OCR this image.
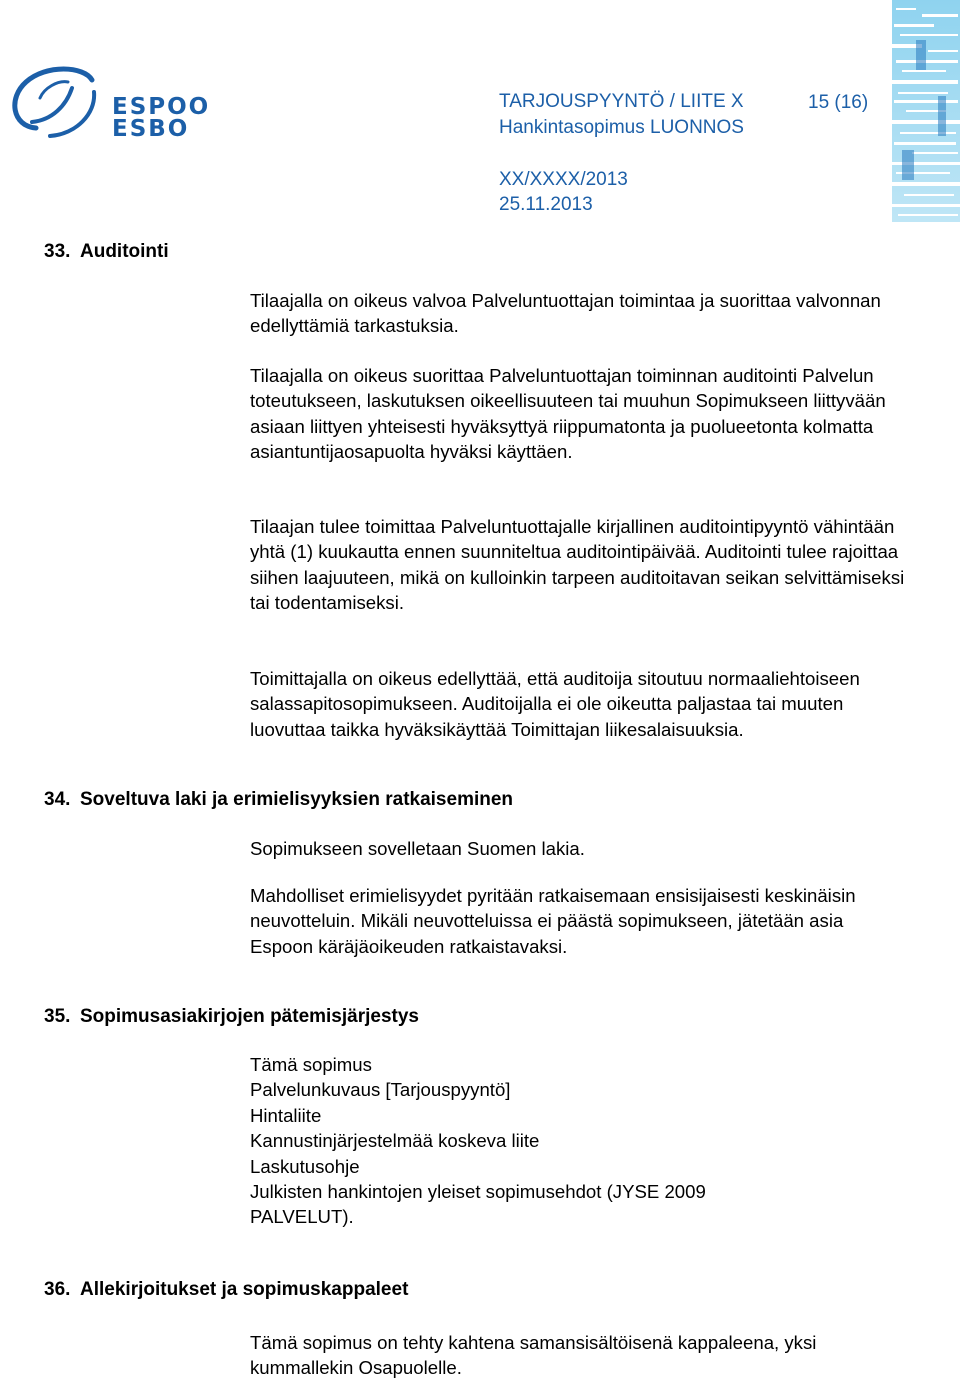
ESPOO
ESBO
TARJOUSPYYNTÖ / LIITE X	15 (16)
Hankintasopimus LUONNOS
XX/XXXX/2013
25.11.2013
33. Auditointi

Tilaajalla on oikeus valvoa Palveluntuottajan toimintaa ja suorittaa valvonnan edellyttämiä tarkastuksia.

Tilaajalla on oikeus suorittaa Palveluntuottajan toiminnan auditointi Palvelun toteutukseen, laskutuksen oikeellisuuteen tai muuhun Sopimukseen liittyvään asiaan liittyen yhteisesti hyväksyttyä riippumatonta ja puolueetonta kolmatta asiantuntijaosapuolta hyväksi käyttäen.

Tilaajan tulee toimittaa Palveluntuottajalle kirjallinen auditointipyyntö vähintään yhtä (1) kuukautta ennen suunniteltua auditointipäivää. Auditointi tulee rajoittaa siihen laajuuteen, mikä on kulloinkin tarpeen auditoitavan seikan selvittämiseksi tai todentamiseksi.

Toimittajalla on oikeus edellyttää, että auditoija sitoutuu normaaliehtoiseen salassapitosopimukseen. Auditoijalla ei ole oikeutta paljastaa tai muuten luovuttaa taikka hyväksikäyttää Toimittajan liikesalaisuuksia.

34. Soveltuva laki ja erimielisyyksien ratkaiseminen

Sopimukseen sovelletaan Suomen lakia.

Mahdolliset erimielisyydet pyritään ratkaisemaan ensisijaisesti keskinäisin neuvotteluin. Mikäli neuvotteluissa ei päästä sopimukseen, jätetään asia Espoon käräjäoikeuden ratkaistavaksi.

35. Sopimusasiakirjojen pätemisjärjestys
Tämä sopimus
Palvelunkuvaus [Tarjouspyyntö]
Hintaliite
Kannustinjärjestelmää koskeva liite
Laskutusohje
Julkisten hankintojen yleiset sopimusehdot (JYSE 2009 PALVELUT).
36. Allekirjoitukset ja sopimuskappaleet

Tämä sopimus on tehty kahtena samansisältöisenä kappaleena, yksi kummallekin Osapuolelle.
